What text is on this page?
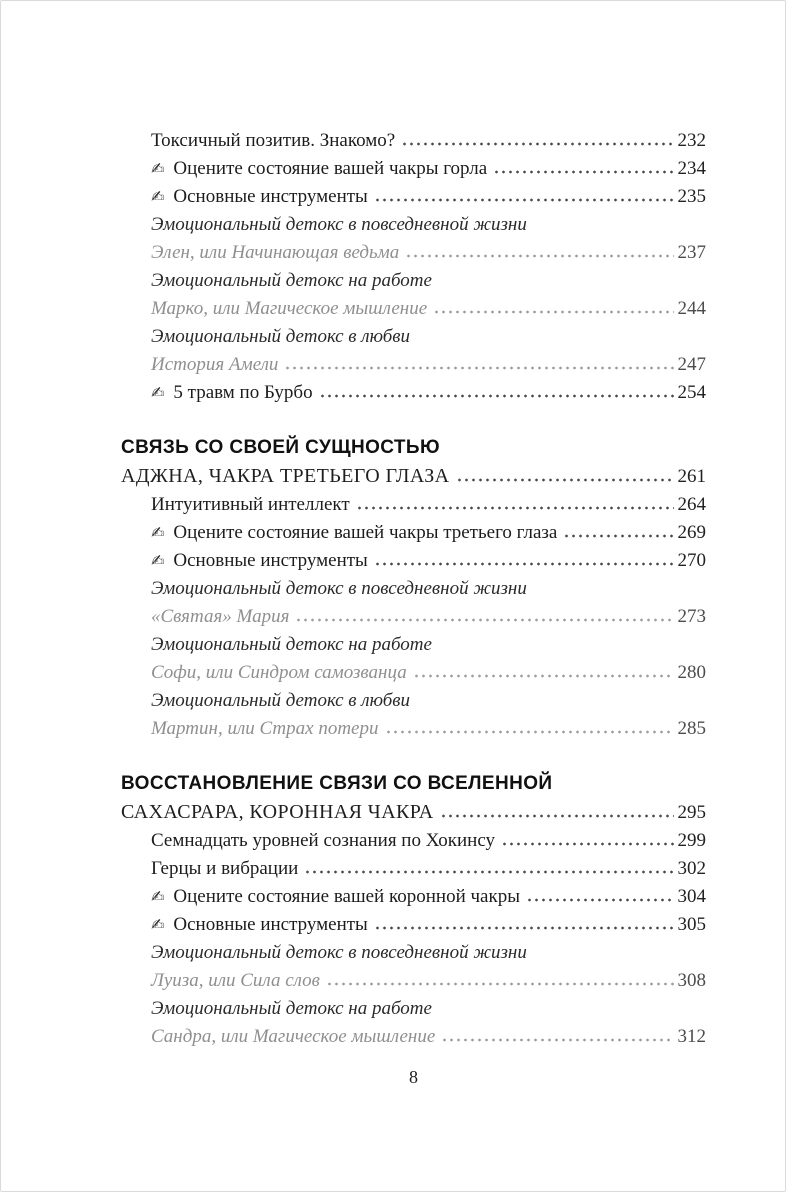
Токсичный позитив. Знакомо?	232
✍ Оцените состояние вашей чакры горла	234
✍ Основные инструменты	235
Эмоциональный детокс в повседневной жизни
Элен, или Начинающая ведьма	237
Эмоциональный детокс на работе
Марко, или Магическое мышление	244
Эмоциональный детокс в любви
История Амели	247
✍ 5 травм по Бурбо	254
СВЯЗЬ СО СВОЕЙ СУЩНОСТЬЮ
АДЖНА, ЧАКРА ТРЕТЬЕГО ГЛАЗА	261
Интуитивный интеллект	264
✍ Оцените состояние вашей чакры третьего глаза	269
✍ Основные инструменты	270
Эмоциональный детокс в повседневной жизни
«Святая» Мария	273
Эмоциональный детокс на работе
Софи, или Синдром самозванца	280
Эмоциональный детокс в любви
Мартин, или Страх потери	285
ВОССТАНОВЛЕНИЕ СВЯЗИ СО ВСЕЛЕННОЙ
САХАСРАРА, КОРОННАЯ ЧАКРА	295
Семнадцать уровней сознания по Хокинсу	299
Герцы и вибрации	302
✍ Оцените состояние вашей коронной чакры	304
✍ Основные инструменты	305
Эмоциональный детокс в повседневной жизни
Луиза, или Сила слов	308
Эмоциональный детокс на работе
Сандра, или Магическое мышление	312
8
